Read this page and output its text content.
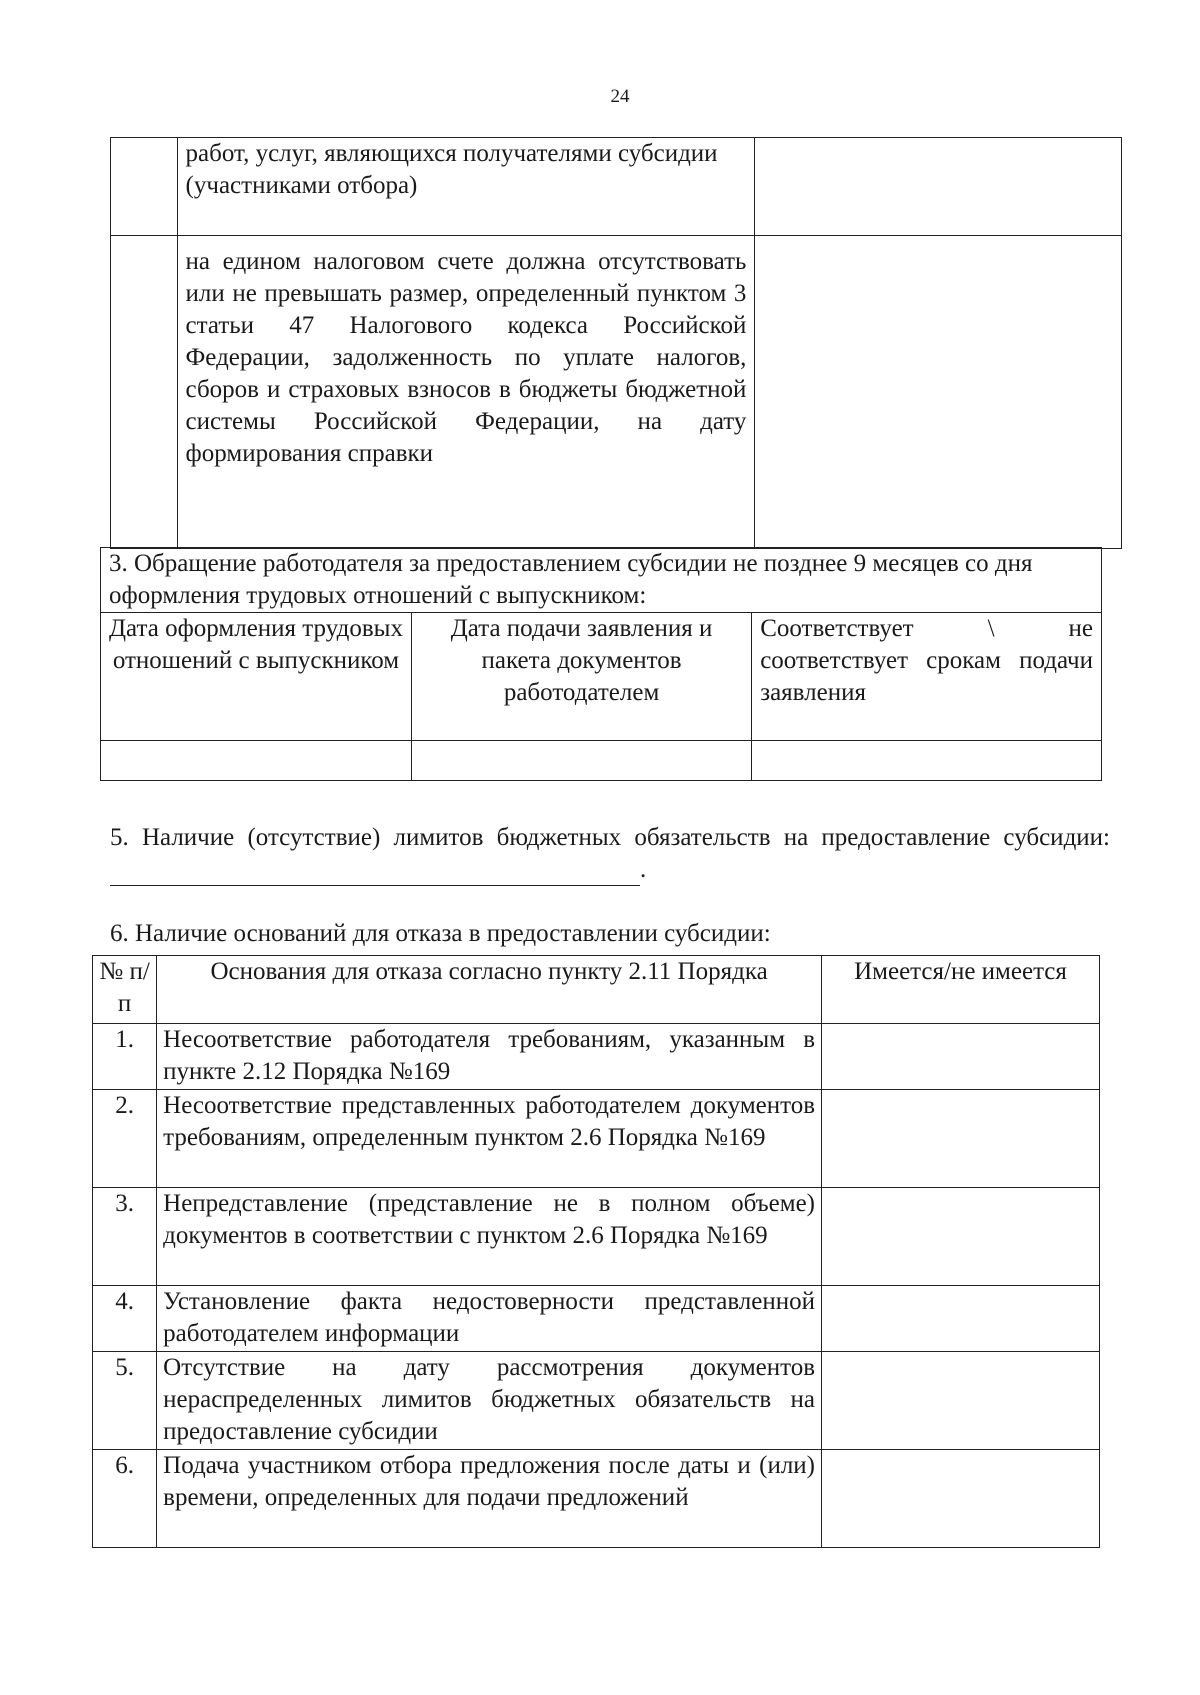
24
	работ, услуг, являющихся получателями субсидии (участниками отбора)	
	на едином налоговом счете должна отсутствовать или не превышать размер, определенный пунктом 3 статьи 47 Налогового кодекса Российской Федерации, задолженность по уплате налогов, сборов и страховых взносов в бюджеты бюджетной системы Российской Федерации, на дату формирования справки	
3. Обращение работодателя за предоставлением субсидии не позднее 9 месяцев со дня оформления трудовых отношений с выпускником:		
Дата оформления трудовых отношений с выпускником	Дата подачи заявления и пакета документов работодателем	Соответствует \ не соответствует срокам подачи заявления

5. Наличие (отсутствие) лимитов бюджетных обязательств на предоставление субсидии: .
6. Наличие оснований для отказа в предоставлении субсидии:
№ п/п	Основания для отказа согласно пункту 2.11 Порядка	Имеется/не имеется
1.	Несоответствие работодателя требованиям, указанным в пункте 2.12 Порядка №169	
2.	Несоответствие представленных работодателем документов требованиям, определенным пунктом 2.6 Порядка №169	
3.	Непредставление (представление не в полном объеме) документов в соответствии с пунктом 2.6 Порядка №169	
4.	Установление факта недостоверности представленной работодателем информации	
5.	Отсутствие на дату рассмотрения документов нераспределенных лимитов бюджетных обязательств на предоставление субсидии	
6.	Подача участником отбора предложения после даты и (или) времени, определенных для подачи предложений	
